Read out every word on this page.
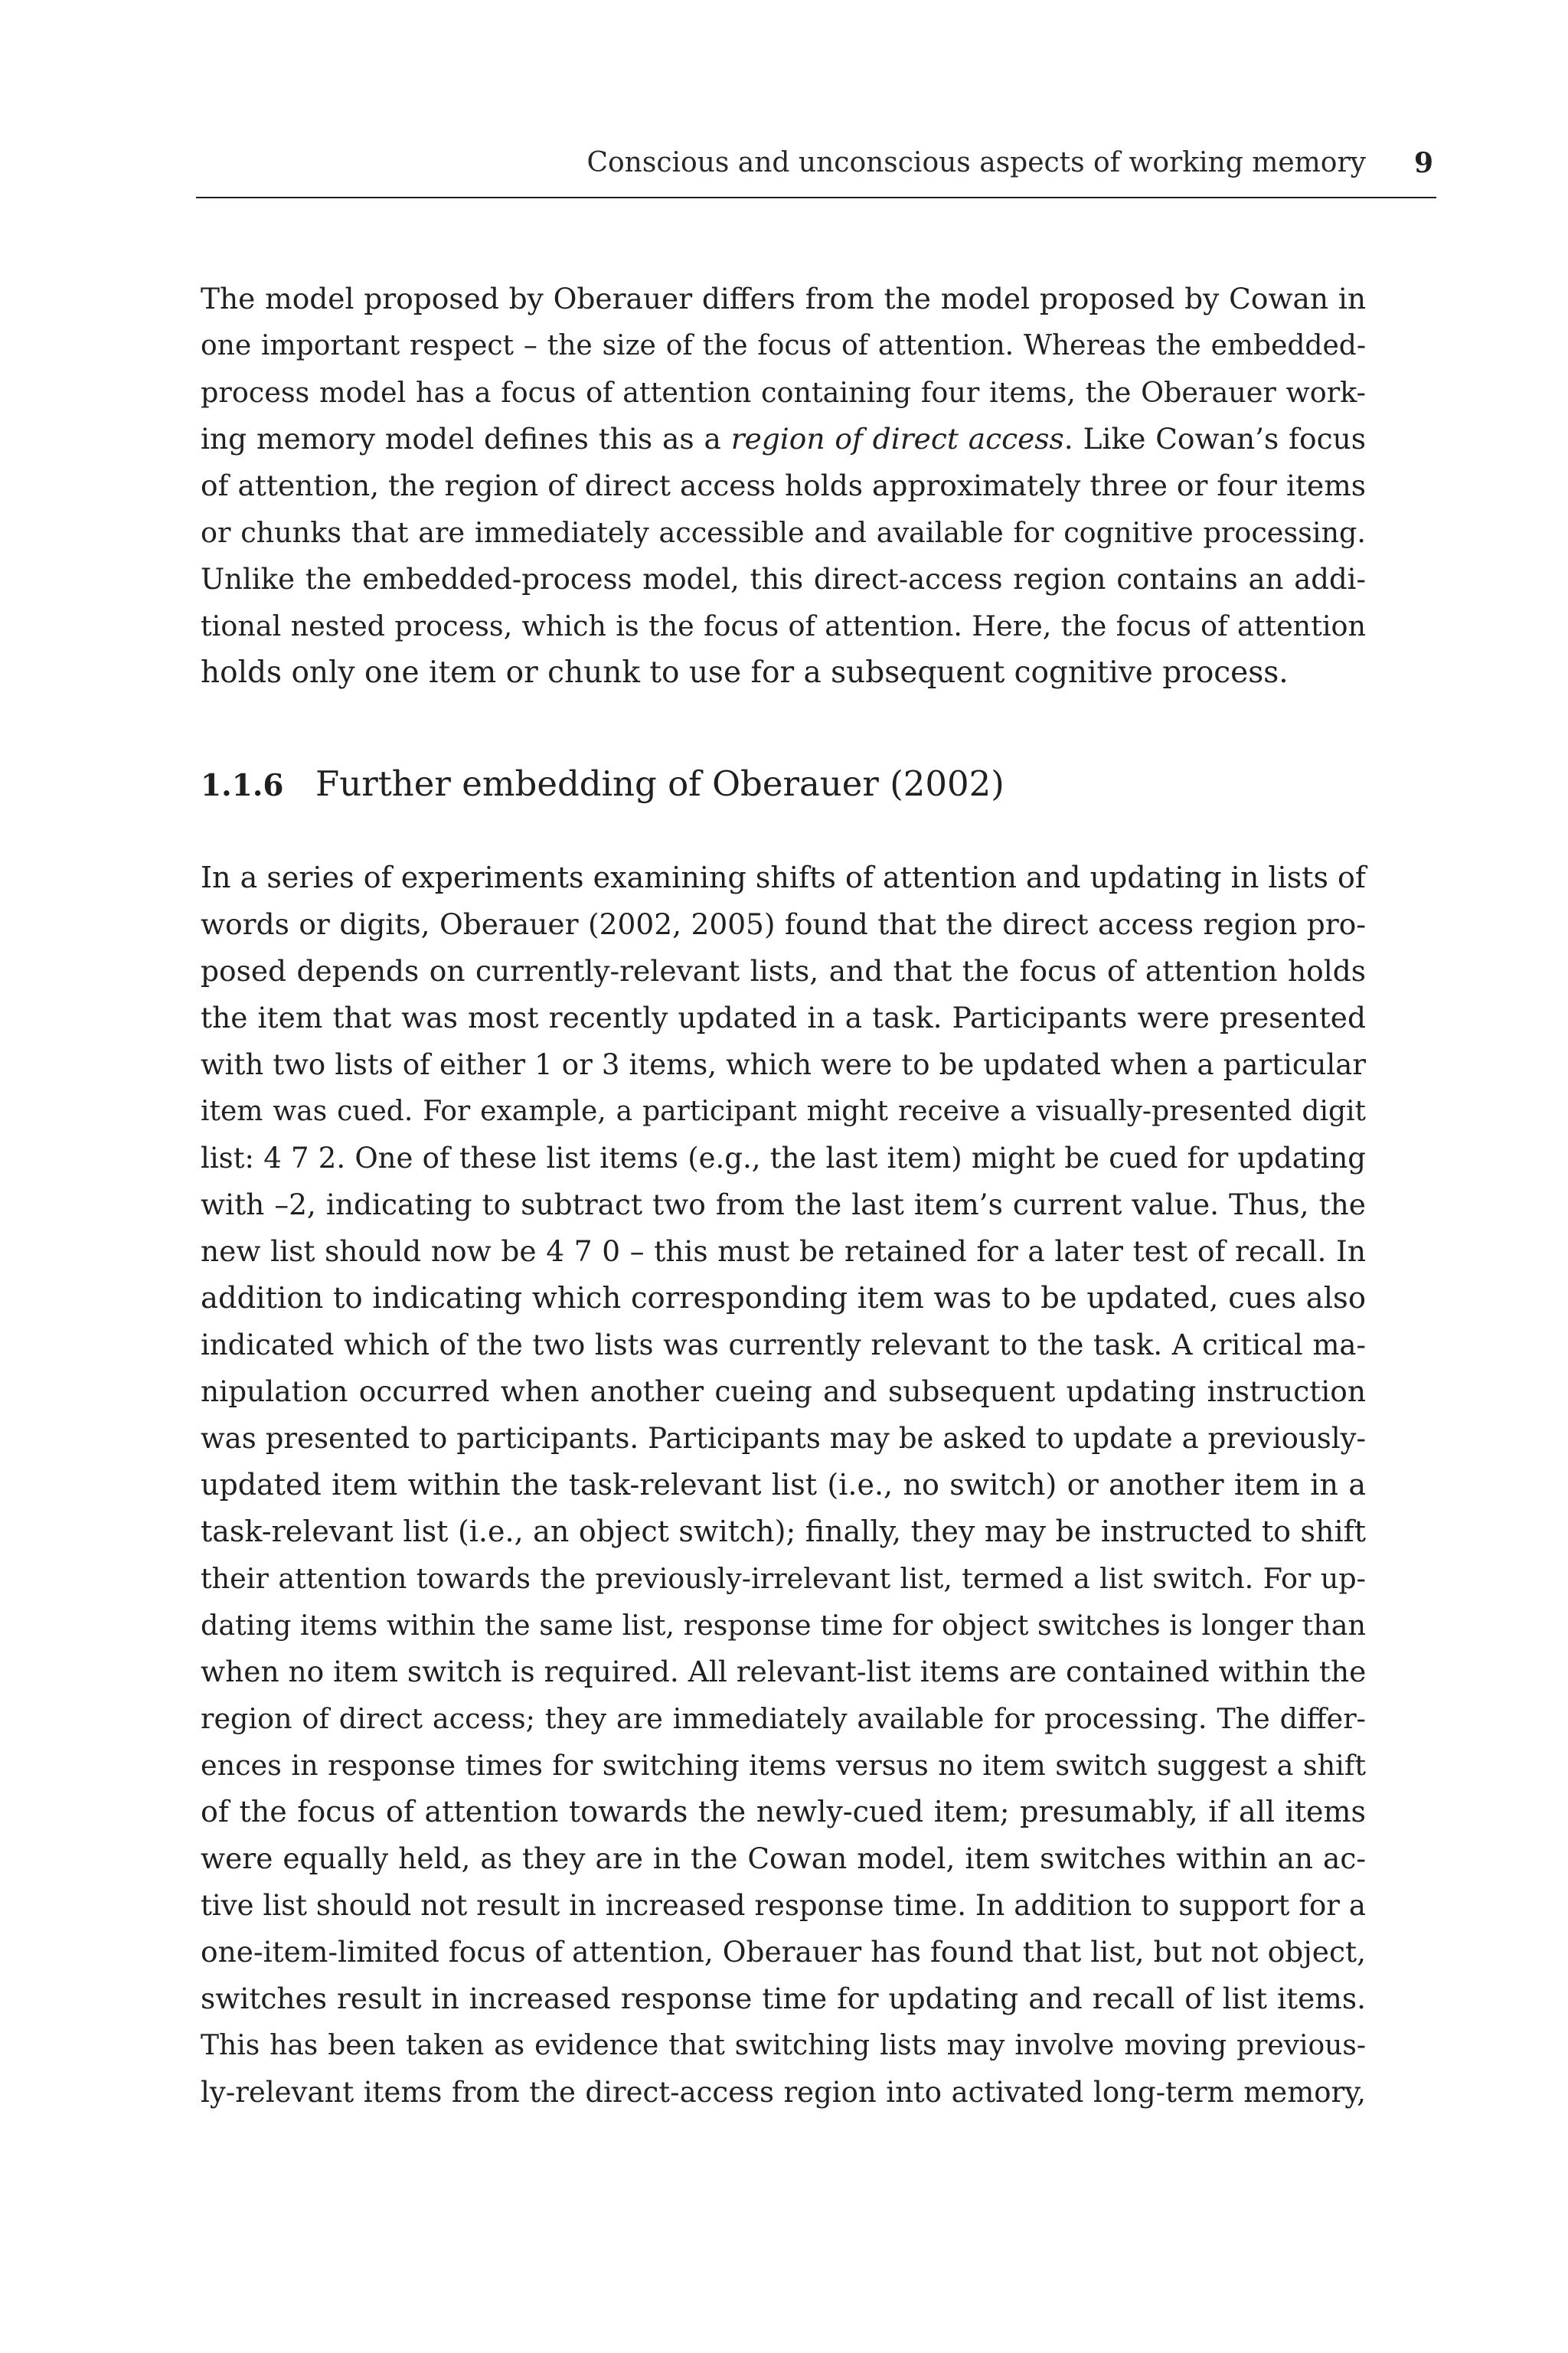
Conscious and unconscious aspects of working memory 9
The model proposed by Oberauer differs from the model proposed by Cowan in
one important respect – the size of the focus of attention. Whereas the embedded-
process model has a focus of attention containing four items, the Oberauer work-
ing memory model defines this as a region of direct access. Like Cowan’s focus
of attention, the region of direct access holds approximately three or four items
or chunks that are immediately accessible and available for cognitive processing.
Unlike the embedded-process model, this direct-access region contains an addi-
tional nested process, which is the focus of attention. Here, the focus of attention
holds only one item or chunk to use for a subsequent cognitive process.
1.1.6 Further embedding of Oberauer (2002)
In a series of experiments examining shifts of attention and updating in lists of
words or digits, Oberauer (2002, 2005) found that the direct access region pro-
posed depends on currently-relevant lists, and that the focus of attention holds
the item that was most recently updated in a task. Participants were presented
with two lists of either 1 or 3 items, which were to be updated when a particular
item was cued. For example, a participant might receive a visually-presented digit
list: 4 7 2. One of these list items (e.g., the last item) might be cued for updating
with –2, indicating to subtract two from the last item’s current value. Thus, the
new list should now be 4 7 0 – this must be retained for a later test of recall. In
addition to indicating which corresponding item was to be updated, cues also
indicated which of the two lists was currently relevant to the task. A critical ma-
nipulation occurred when another cueing and subsequent updating instruction
was presented to participants. Participants may be asked to update a previously-
updated item within the task-relevant list (i.e., no switch) or another item in a
task-relevant list (i.e., an object switch); finally, they may be instructed to shift
their attention towards the previously-irrelevant list, termed a list switch. For up-
dating items within the same list, response time for object switches is longer than
when no item switch is required. All relevant-list items are contained within the
region of direct access; they are immediately available for processing. The differ-
ences in response times for switching items versus no item switch suggest a shift
of the focus of attention towards the newly-cued item; presumably, if all items
were equally held, as they are in the Cowan model, item switches within an ac-
tive list should not result in increased response time. In addition to support for a
one-item-limited focus of attention, Oberauer has found that list, but not object,
switches result in increased response time for updating and recall of list items.
This has been taken as evidence that switching lists may involve moving previous-
ly-relevant items from the direct-access region into activated long-term memory,
